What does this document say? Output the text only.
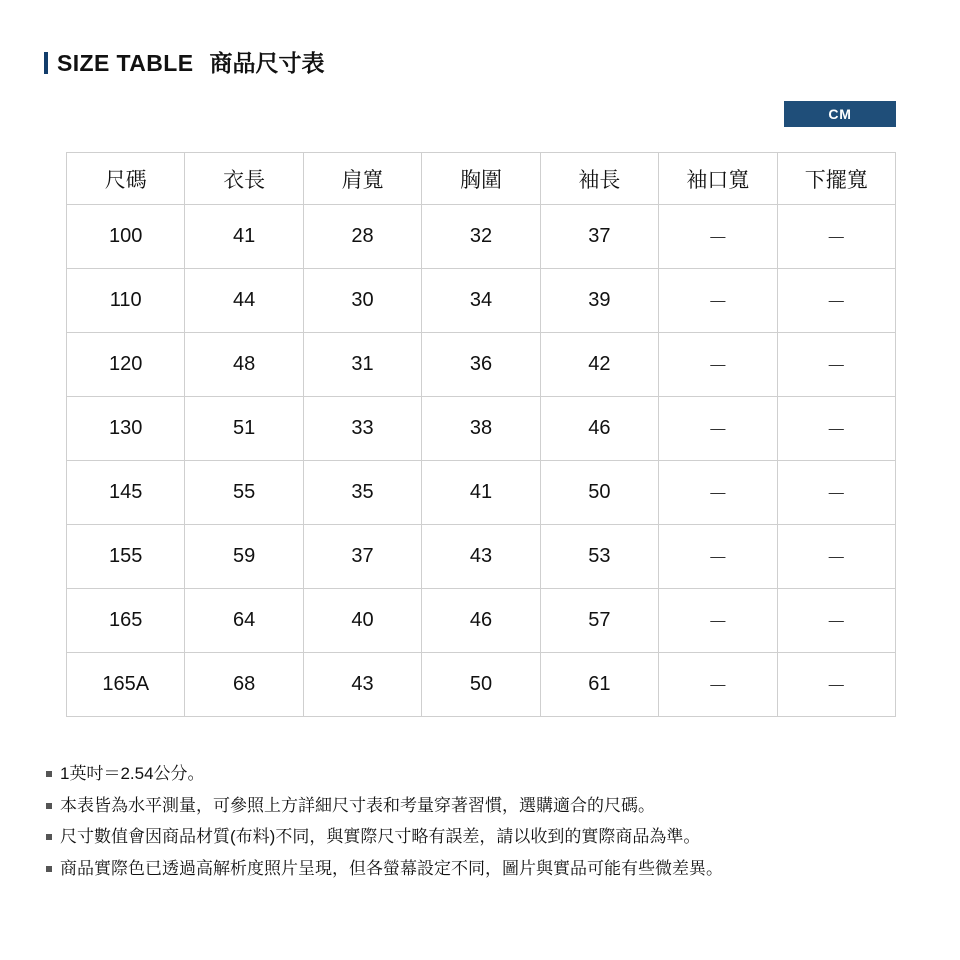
SIZE TABLE 商品尺寸表
CM
尺碼	衣長	肩寬	胸圍	袖長	袖口寬	下擺寬
100	41	28	32	37	－	－
110	44	30	34	39	－	－
120	48	31	36	42	－	－
130	51	33	38	46	－	－
145	55	35	41	50	－	－
155	59	37	43	53	－	－
165	64	40	46	57	－	－
165A	68	43	50	61	－	－
1英吋＝2.54公分。
本表皆為水平測量，可參照上方詳細尺寸表和考量穿著習慣，選購適合的尺碼。
尺寸數值會因商品材質(布料)不同，與實際尺寸略有誤差，請以收到的實際商品為準。
商品實際色已透過高解析度照片呈現，但各螢幕設定不同，圖片與實品可能有些微差異。
